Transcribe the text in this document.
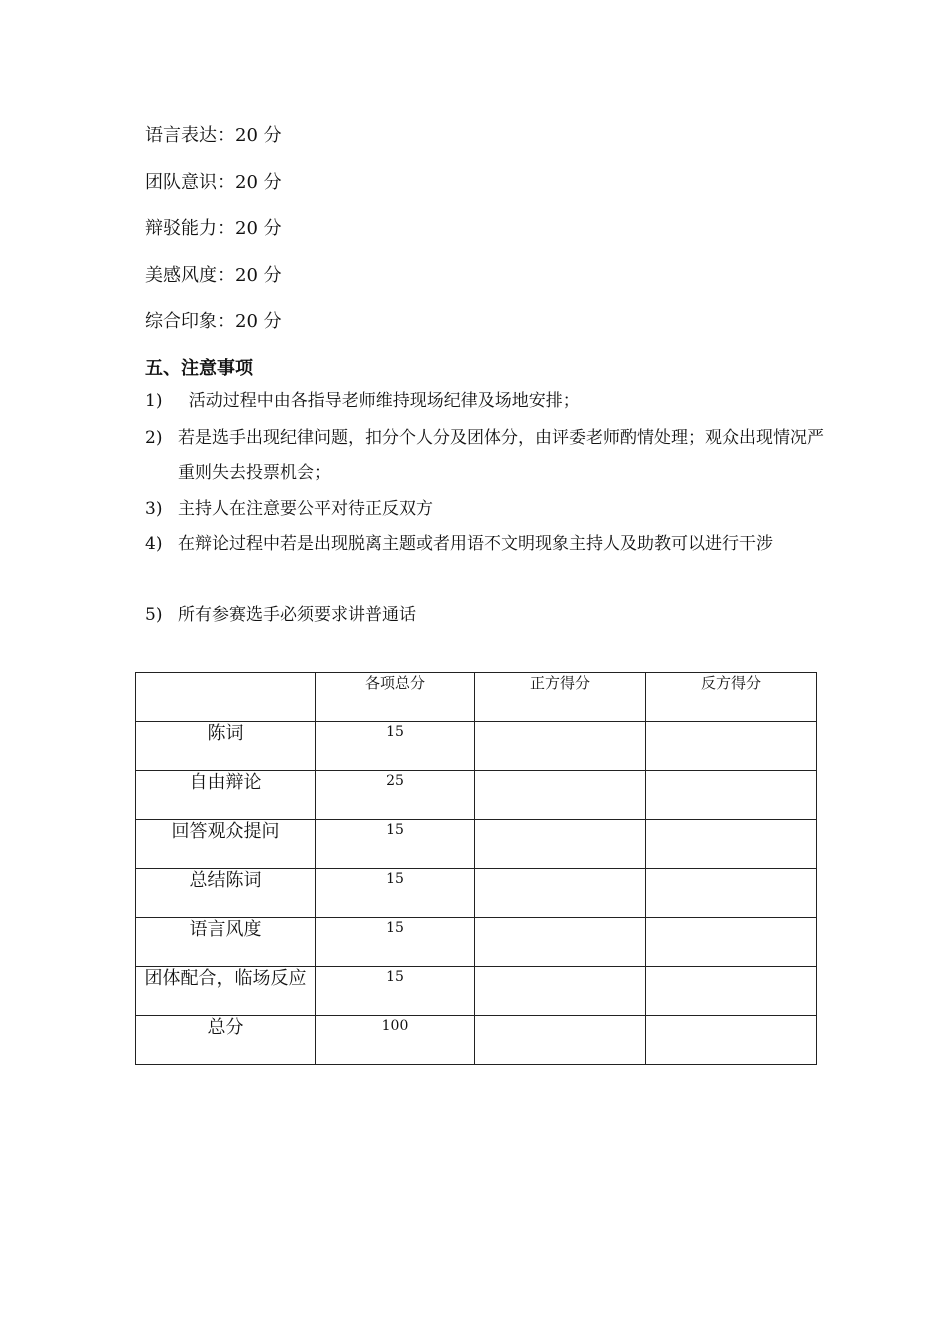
语言表达：20 分
团队意识：20 分
辩驳能力：20 分
美感风度：20 分
综合印象：20 分
五、注意事项
1) 活动过程中由各指导老师维持现场纪律及场地安排；
2) 若是选手出现纪律问题，扣分个人分及团体分，由评委老师酌情处理；观众出现情况严重则失去投票机会；
3) 主持人在注意要公平对待正反双方
4) 在辩论过程中若是出现脱离主题或者用语不文明现象主持人及助教可以进行干涉
5) 所有参赛选手必须要求讲普通话
	各项总分	正方得分	反方得分
陈词	15		
自由辩论	25		
回答观众提问	15		
总结陈词	15		
语言风度	15		
团体配合，临场反应	15		
总分	100		
